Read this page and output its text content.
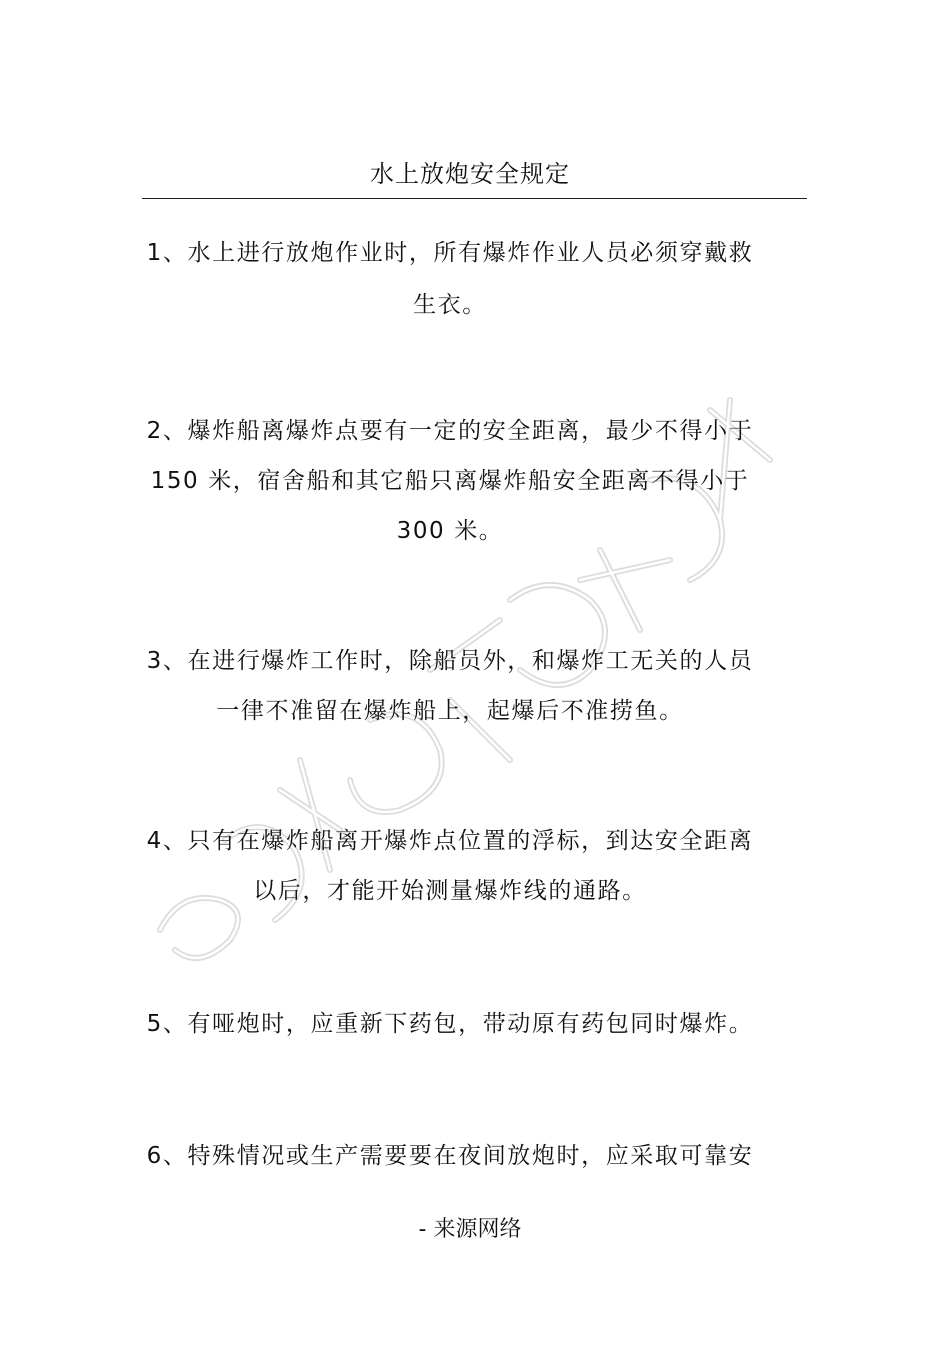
水上放炮安全规定

1、水上进行放炮作业时，所有爆炸作业人员必须穿戴救
生衣。

2、爆炸船离爆炸点要有一定的安全距离，最少不得小于
150 米，宿舍船和其它船只离爆炸船安全距离不得小于
300 米。

3、在进行爆炸工作时，除船员外，和爆炸工无关的人员
一律不准留在爆炸船上，起爆后不准捞鱼。

4、只有在爆炸船离开爆炸点位置的浮标，到达安全距离
以后，才能开始测量爆炸线的通路。

5、有哑炮时，应重新下药包，带动原有药包同时爆炸。

6、特殊情况或生产需要要在夜间放炮时，应采取可靠安

- 来源网络
